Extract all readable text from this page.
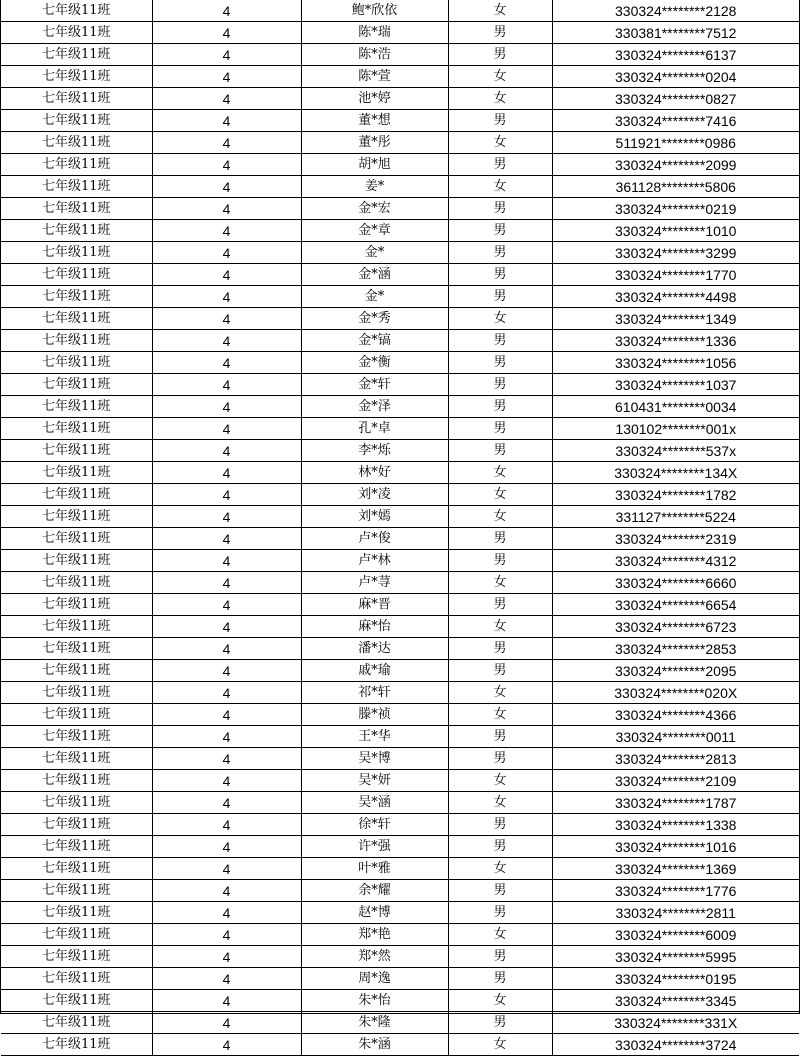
七年级11班	4	鲍*欣依	女	330324********2128
七年级11班	4	陈*瑞	男	330381********7512
七年级11班	4	陈*浩	男	330324********6137
七年级11班	4	陈*萱	女	330324********0204
七年级11班	4	池*婷	女	330324********0827
七年级11班	4	董*想	男	330324********7416
七年级11班	4	董*彤	女	511921********0986
七年级11班	4	胡*旭	男	330324********2099
七年级11班	4	姜*	女	361128********5806
七年级11班	4	金*宏	男	330324********0219
七年级11班	4	金*章	男	330324********1010
七年级11班	4	金*	男	330324********3299
七年级11班	4	金*涵	男	330324********1770
七年级11班	4	金*	男	330324********4498
七年级11班	4	金*秀	女	330324********1349
七年级11班	4	金*镐	男	330324********1336
七年级11班	4	金*衡	男	330324********1056
七年级11班	4	金*轩	男	330324********1037
七年级11班	4	金*泽	男	610431********0034
七年级11班	4	孔*卓	男	130102********001x
七年级11班	4	李*烁	男	330324********537x
七年级11班	4	林*好	女	330324********134X
七年级11班	4	刘*凌	女	330324********1782
七年级11班	4	刘*嫣	女	331127********5224
七年级11班	4	卢*俊	男	330324********2319
七年级11班	4	卢*林	男	330324********4312
七年级11班	4	卢*荨	女	330324********6660
七年级11班	4	麻*晋	男	330324********6654
七年级11班	4	麻*怡	女	330324********6723
七年级11班	4	潘*达	男	330324********2853
七年级11班	4	戚*瑜	男	330324********2095
七年级11班	4	祁*轩	女	330324********020X
七年级11班	4	滕*祯	女	330324********4366
七年级11班	4	王*华	男	330324********0011
七年级11班	4	吴*博	男	330324********2813
七年级11班	4	吴*妍	女	330324********2109
七年级11班	4	吴*涵	女	330324********1787
七年级11班	4	徐*轩	男	330324********1338
七年级11班	4	许*强	男	330324********1016
七年级11班	4	叶*雅	女	330324********1369
七年级11班	4	余*耀	男	330324********1776
七年级11班	4	赵*博	男	330324********2811
七年级11班	4	郑*艳	女	330324********6009
七年级11班	4	郑*然	男	330324********5995
七年级11班	4	周*逸	男	330324********0195
七年级11班	4	朱*怡	女	330324********3345
七年级11班	4	朱*隆	男	330324********331X
七年级11班	4	朱*涵	女	330324********3724
